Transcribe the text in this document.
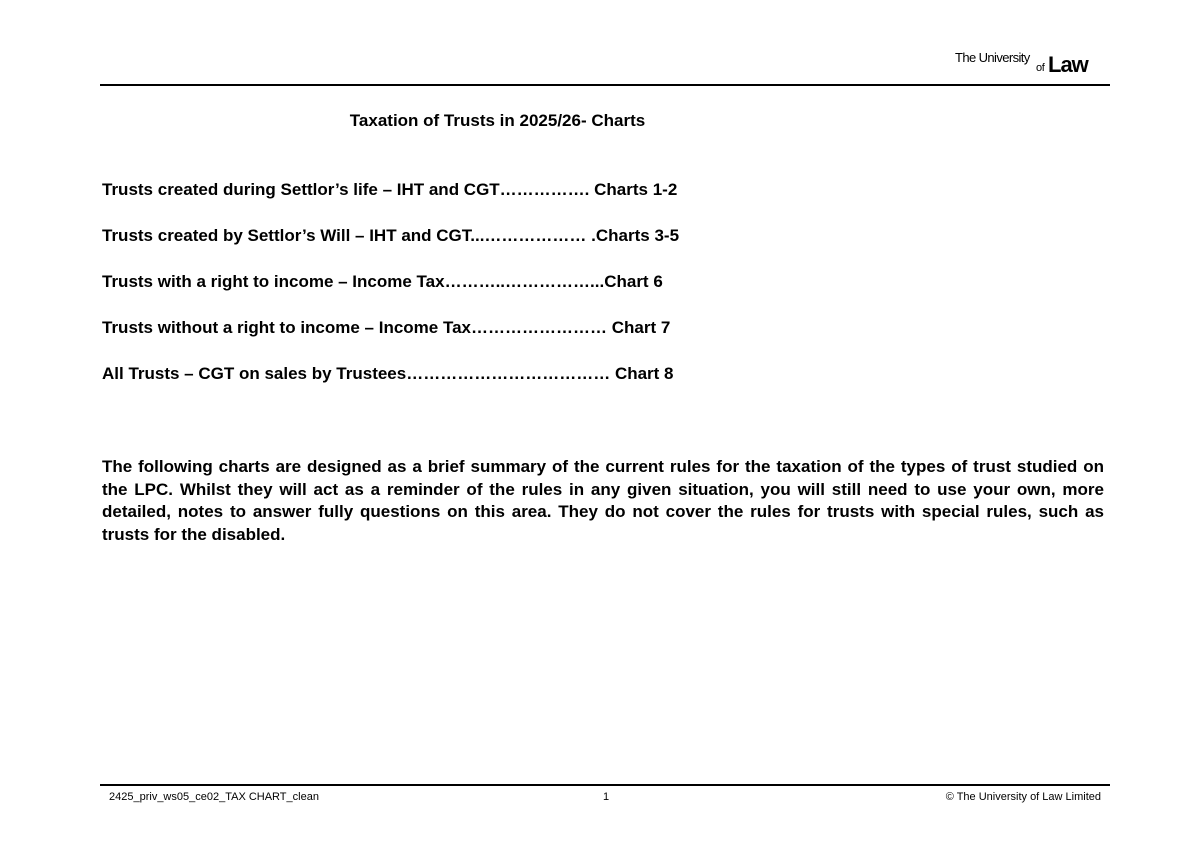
The University
of Law
Taxation of Trusts in 2025/26- Charts
Trusts created during Settlor’s life – IHT and CGT……………. Charts 1-2
Trusts created by Settlor’s Will – IHT and CGT...……………… .Charts 3-5
Trusts with a right to income – Income Tax………..……………...Chart 6
Trusts without a right to income – Income Tax…………………… Chart 7
All Trusts – CGT on sales by Trustees……………………………… Chart 8

The following charts are designed as a brief summary of the current rules for the taxation of the types of trust studied on the LPC. Whilst they will act as a reminder of the rules in any given situation, you will still need to use your own, more detailed, notes to answer fully questions on this area. They do not cover the rules for trusts with special rules, such as trusts for the disabled.

2425_priv_ws05_ce02_TAX CHART_clean	1	© The University of Law Limited
